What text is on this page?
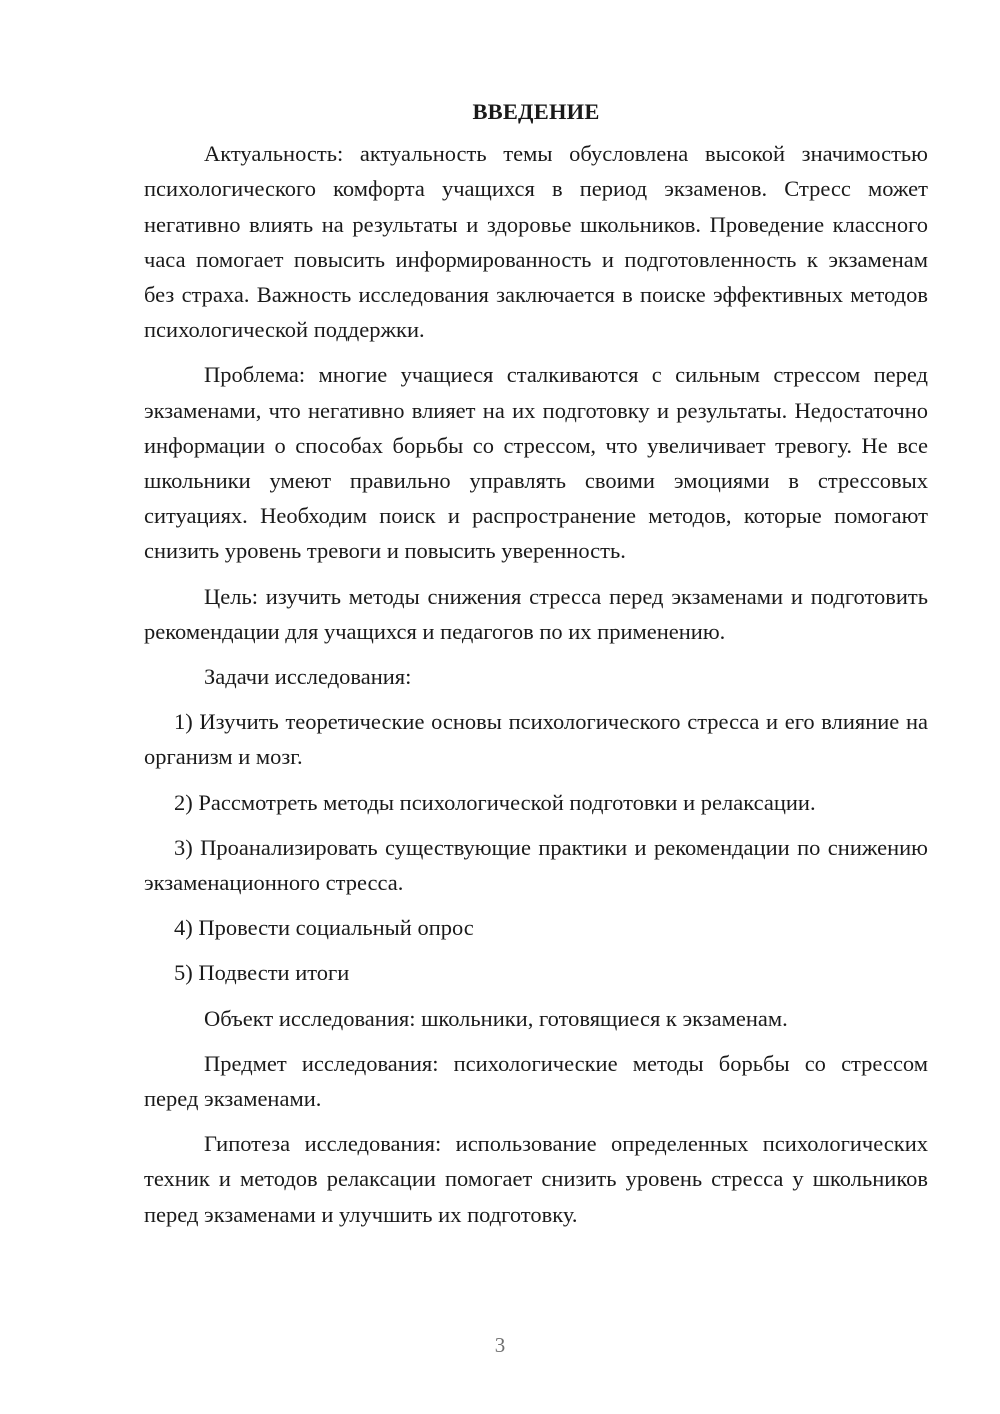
ВВЕДЕНИЕ

Актуальность: актуальность темы обусловлена высокой значимостью психологического комфорта учащихся в период экзаменов. Стресс может негативно влиять на результаты и здоровье школьников. Проведение классного часа помогает повысить информированность и подготовленность к экзаменам без страха. Важность исследования заключается в поиске эффективных методов психологической поддержки.

Проблема: многие учащиеся сталкиваются с сильным стрессом перед экзаменами, что негативно влияет на их подготовку и результаты. Недостаточно информации о способах борьбы со стрессом, что увеличивает тревогу. Не все школьники умеют правильно управлять своими эмоциями в стрессовых ситуациях. Необходим поиск и распространение методов, которые помогают снизить уровень тревоги и повысить уверенность.

Цель: изучить методы снижения стресса перед экзаменами и подготовить рекомендации для учащихся и педагогов по их применению.

Задачи исследования:

1) Изучить теоретические основы психологического стресса и его влияние на организм и мозг.

2) Рассмотреть методы психологической подготовки и релаксации.

3) Проанализировать существующие практики и рекомендации по снижению экзаменационного стресса.

4) Провести социальный опрос

5) Подвести итоги

Объект исследования: школьники, готовящиеся к экзаменам.

Предмет исследования: психологические методы борьбы со стрессом перед экзаменами.

Гипотеза исследования: использование определенных психологических техник и методов релаксации помогает снизить уровень стресса у школьников перед экзаменами и улучшить их подготовку.

3
